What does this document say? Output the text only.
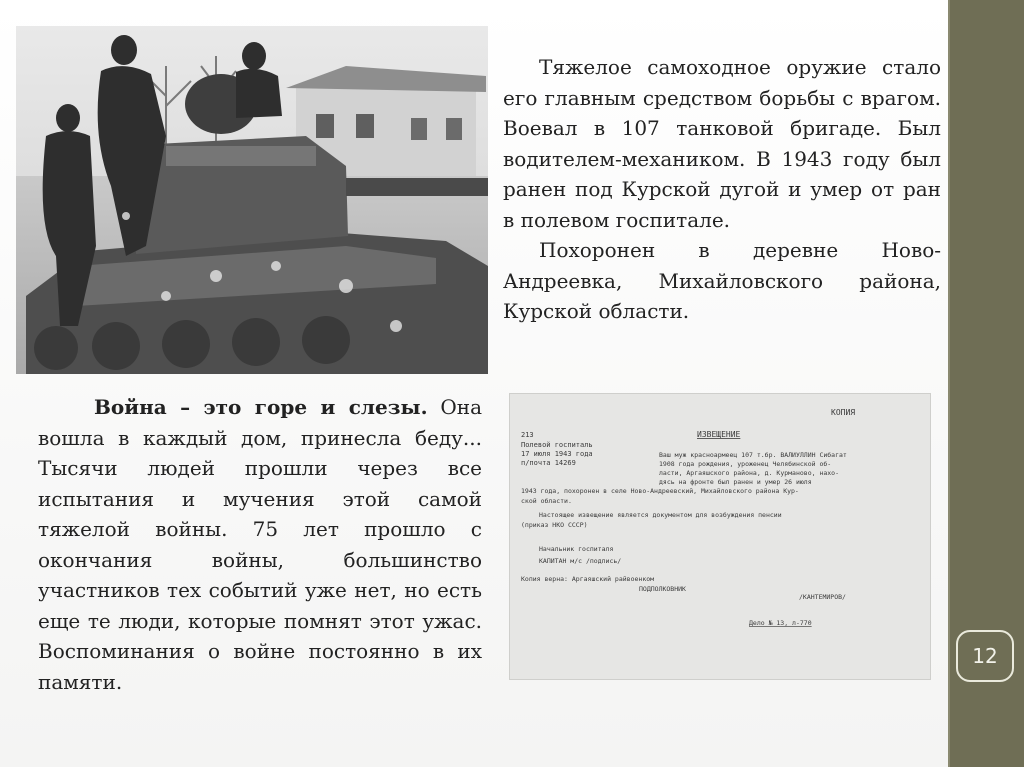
Тяжелое самоходное оружие стало его главным средством борьбы с врагом. Воевал в 107 танковой бригаде. Был водителем-механиком. В 1943 году был ранен под Курской дугой и умер от ран в полевом госпитале.

Похоронен в деревне Ново-Андреевка, Михайловского района, Курской области.

Война – это горе и слезы. Она вошла в каждый дом, принесла беду... Тысячи людей прошли через все испытания и мучения этой самой тяжелой войны. 75 лет прошло с окончания войны, большинство участников тех событий уже нет, но есть еще те люди, которые помнят этот ужас. Воспоминания о войне постоянно в их памяти.

КОПИЯ
ИЗВЕЩЕНИЕ
213
Полевой госпиталь
17 июля 1943 года
п/почта 14269
Ваш муж красноармеец 107 т.бр. ВАЛИУЛЛИН Сибагат
1908 года рождения, уроженец Челябинской об-
ласти, Аргаяшского района, д. Курманово, нахо-
дясь на фронте был ранен и умер 26 июля
1943 года, похоронен в селе Ново-Андреевский, Михайловского района Кур-
ской области.
Настоящее извещение является документом для возбуждения пенсии
(приказ НКО СССР)
Начальник госпиталя
КАПИТАН м/с /подпись/
Копия верна: Аргаяшский райвоенком
ПОДПОЛКОВНИК
/КАНТЕМИРОВ/
Дело № 13, л-770
12
